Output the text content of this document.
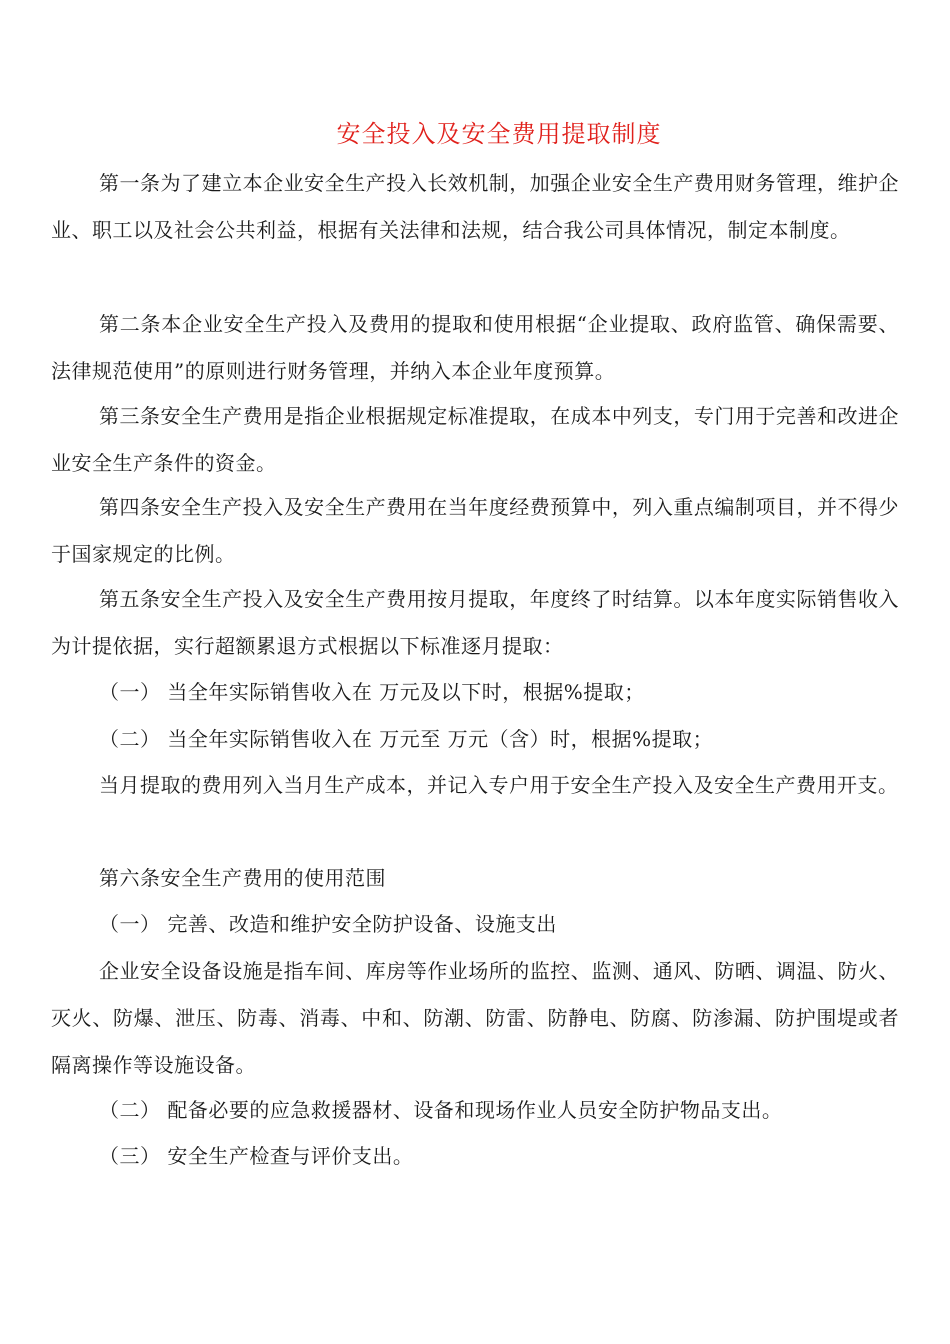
安全投入及安全费用提取制度
第一条为了建立本企业安全生产投入长效机制，加强企业安全生产费用财务管理，维护企业、职工以及社会公共利益，根据有关法律和法规，结合我公司具体情况，制定本制度。
第二条本企业安全生产投入及费用的提取和使用根据“企业提取、政府监管、确保需要、法律规范使用”的原则进行财务管理，并纳入本企业年度预算。
第三条安全生产费用是指企业根据规定标准提取，在成本中列支，专门用于完善和改进企业安全生产条件的资金。
第四条安全生产投入及安全生产费用在当年度经费预算中，列入重点编制项目，并不得少于国家规定的比例。
第五条安全生产投入及安全生产费用按月提取，年度终了时结算。以本年度实际销售收入为计提依据，实行超额累退方式根据以下标准逐月提取：
（一） 当全年实际销售收入在 万元及以下时，根据%提取；
（二） 当全年实际销售收入在 万元至 万元（含）时，根据%提取；
当月提取的费用列入当月生产成本，并记入专户用于安全生产投入及安全生产费用开支。
第六条安全生产费用的使用范围
（一） 完善、改造和维护安全防护设备、设施支出
企业安全设备设施是指车间、库房等作业场所的监控、监测、通风、防晒、调温、防火、灭火、防爆、泄压、防毒、消毒、中和、防潮、防雷、防静电、防腐、防渗漏、防护围堤或者隔离操作等设施设备。
（二） 配备必要的应急救援器材、设备和现场作业人员安全防护物品支出。
（三） 安全生产检查与评价支出。
